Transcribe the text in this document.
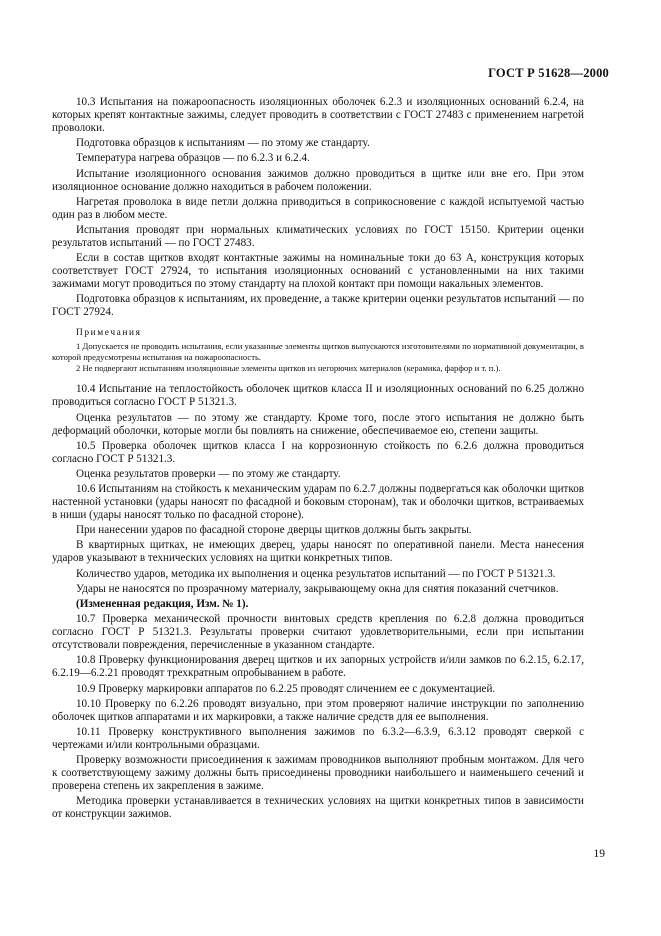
ГОСТ Р 51628—2000

10.3 Испытания на пожароопасность изоляционных оболочек 6.2.3 и изоляционных оснований 6.2.4, на которых крепят контактные зажимы, следует проводить в соответствии с ГОСТ 27483 с применением нагретой проволоки.

Подготовка образцов к испытаниям — по этому же стандарту.

Температура нагрева образцов — по 6.2.3 и 6.2.4.

Испытание изоляционного основания зажимов должно проводиться в щитке или вне его. При этом изоляционное основание должно находиться в рабочем положении.

Нагретая проволока в виде петли должна приводиться в соприкосновение с каждой испытуемой частью один раз в любом месте.

Испытания проводят при нормальных климатических условиях по ГОСТ 15150. Критерии оценки результатов испытаний — по ГОСТ 27483.

Если в состав щитков входят контактные зажимы на номинальные токи до 63 А, конструкция которых соответствует ГОСТ 27924, то испытания изоляционных оснований с установленными на них такими зажимами могут проводиться по этому стандарту на плохой контакт при помощи накальных элементов.

Подготовка образцов к испытаниям, их проведение, а также критерии оценки результатов испытаний — по ГОСТ 27924.

Примечания

1 Допускается не проводить испытания, если указанные элементы щитков выпускаются изготовителями по нормативной документации, в которой предусмотрены испытания на пожароопасность.

2 Не подвергают испытаниям изоляционные элементы щитков из негорючих материалов (керамика, фарфор и т. п.).

10.4 Испытание на теплостойкость оболочек щитков класса II и изоляционных оснований по 6.25 должно проводиться согласно ГОСТ Р 51321.3.

Оценка результатов — по этому же стандарту. Кроме того, после этого испытания не должно быть деформаций оболочки, которые могли бы повлиять на снижение, обеспечиваемое ею, степени защиты.

10.5 Проверка оболочек щитков класса I на коррозионную стойкость по 6.2.6 должна проводиться согласно ГОСТ Р 51321.3.

Оценка результатов проверки — по этому же стандарту.

10.6 Испытаниям на стойкость к механическим ударам по 6.2.7 должны подвергаться как оболочки щитков настенной установки (удары наносят по фасадной и боковым сторонам), так и оболочки щитков, встраиваемых в ниши (удары наносят только по фасадной стороне).

При нанесении ударов по фасадной стороне дверцы щитков должны быть закрыты.

В квартирных щитках, не имеющих дверец, удары наносят по оперативной панели. Места нанесения ударов указывают в технических условиях на щитки конкретных типов.

Количество ударов, методика их выполнения и оценка результатов испытаний — по ГОСТ Р 51321.3.

Удары не наносятся по прозрачному материалу, закрывающему окна для снятия показаний счетчиков.

(Измененная редакция, Изм. № 1).

10.7 Проверка механической прочности винтовых средств крепления по 6.2.8 должна проводиться согласно ГОСТ Р 51321.3. Результаты проверки считают удовлетворительными, если при испытании отсутствовали повреждения, перечисленные в указанном стандарте.

10.8 Проверку функционирования дверец щитков и их запорных устройств и/или замков по 6.2.15, 6.2.17, 6.2.19—6.2.21 проводят трехкратным опробыванием в работе.

10.9 Проверку маркировки аппаратов по 6.2.25 проводят сличением ее с документацией.

10.10 Проверку по 6.2.26 проводят визуально, при этом проверяют наличие инструкции по заполнению оболочек щитков аппаратами и их маркировки, а также наличие средств для ее выполнения.

10.11 Проверку конструктивного выполнения зажимов по 6.3.2—6.3.9, 6.3.12 проводят сверкой с чертежами и/или контрольными образцами.

Проверку возможности присоединения к зажимам проводников выполняют пробным монтажом. Для чего к соответствующему зажиму должны быть присоединены проводники наибольшего и наименьшего сечений и проверена степень их закрепления в зажиме.

Методика проверки устанавливается в технических условиях на щитки конкретных типов в зависимости от конструкции зажимов.

19
